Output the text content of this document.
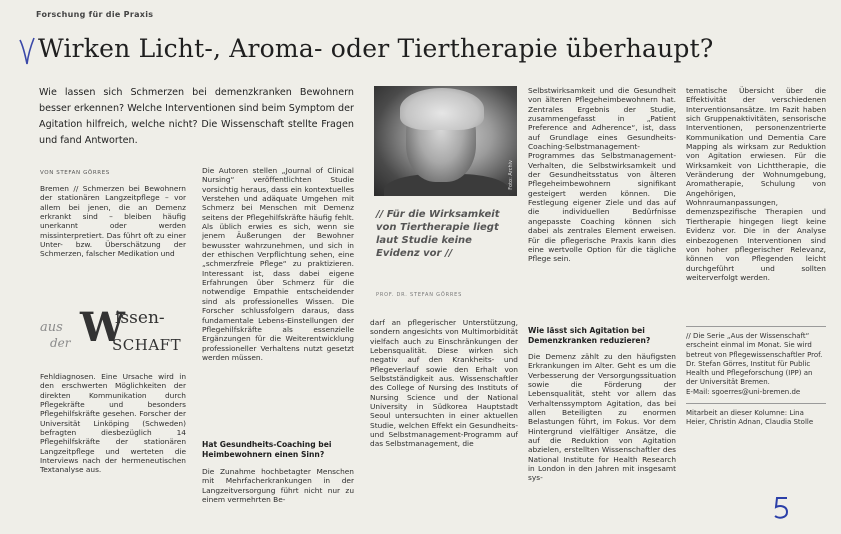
Forschung für die Praxis
Wirken Licht-, Aroma- oder Tiertherapie überhaupt?
Wie lassen sich Schmerzen bei demenzkranken Bewohnern besser erkennen? Welche Interventionen sind beim Symptom der Agitation hilfreich, welche nicht? Die Wissenschaft stellte Fragen und fand Antworten.
VON STEFAN GÖRRES
Bremen // Schmerzen bei Bewohnern der stationären Langzeitpflege – vor allem bei jenen, die an Demenz erkrankt sind – bleiben häufig unerkannt oder werden missinterpretiert. Das führt oft zu einer Unter- bzw. Überschätzung der Schmerzen, falscher Medikation und
aus
der W
issen-
SCHAFT
Fehldiagnosen. Eine Ursache wird in den erschwerten Möglichkeiten der direkten Kommunikation durch Pflegekräfte und besonders Pflegehilfskräfte gesehen. Forscher der Universität Linköping (Schweden) befragten diesbezüglich 14 Pflegehilfskräfte der stationären Langzeitpflege und werteten die Interviews nach der hermeneutischen Textanalyse aus.
Die Autoren stellen „Journal of Clinical Nursing“ veröffentlichten Studie vorsichtig heraus, dass ein kontextuelles Verstehen und adäquate Umgehen mit Schmerz bei Menschen mit Demenz seitens der Pflegehilfskräfte häufig fehlt. Als üblich erwies es sich, wenn sie jenem Äußerungen der Bewohner bewusster wahrzunehmen, und sich in der ethischen Verpflichtung sehen, eine „schmerzfreie Pflege“ zu praktizieren. Interessant ist, dass dabei eigene Erfahrungen über Schmerz für die notwendige Empathie entscheidender sind als professionelles Wissen. Die Forscher schlussfolgern daraus, dass fundamentale Lebens-Einstellungen der Pflegehilfskräfte als essenzielle Ergänzungen für die Weiterentwicklung professioneller Verhaltens nutzt gesetzt werden müssen.
Hat Gesundheits-Coaching bei Heimbewohnern einen Sinn?
Die Zunahme hochbetagter Menschen mit Mehrfacherkrankungen in der Langzeitversorgung führt nicht nur zu einem vermehrten Be-
Foto: Archiv
// Für die Wirksamkeit von Tiertherapie liegt laut Studie keine Evidenz vor //
PROF. DR. STEFAN GÖRRES
darf an pflegerischer Unterstützung, sondern angesichts von Multimorbidität vielfach auch zu Einschränkungen der Lebensqualität. Diese wirken sich negativ auf den Krankheits- und Pflegeverlauf sowie den Erhalt von Selbstständigkeit aus. Wissenschaftler des College of Nursing des Instituts of Nursing Science und der National University in Südkorea Hauptstadt Seoul untersuchten in einer aktuellen Studie, welchen Effekt ein Gesundheits- und Selbstmanagement-Programm auf das Selbstmanagement, die
Selbstwirksamkeit und die Gesundheit von älteren Pflegeheimbewohnern hat. Zentrales Ergebnis der Studie, zusammengefasst in „Patient Preference and Adherence“, ist, dass auf Grundlage eines Gesundheits-Coaching-Selbstmanagement-Programmes das Selbstmanagement-Verhalten, die Selbstwirksamkeit und der Gesundheitsstatus von älteren Pflegeheimbewohnern signifikant gesteigert werden können. Die Festlegung eigener Ziele und das auf die individuellen Bedürfnisse angepasste Coaching können sich dabei als zentrales Element erweisen. Für die pflegerische Praxis kann dies eine wertvolle Option für die tägliche Pflege sein.
Wie lässt sich Agitation bei Demenzkranken reduzieren?
Die Demenz zählt zu den häufigsten Erkrankungen im Alter. Geht es um die Verbesserung der Versorgungssituation sowie die Förderung der Lebensqualität, steht vor allem das Verhaltenssymptom Agitation, das bei allen Beteiligten zu enormen Belastungen führt, im Fokus. Vor dem Hintergrund vielfältiger Ansätze, die auf die Reduktion von Agitation abzielen, erstellten Wissenschaftler des National Institute for Health Research in London in den Jahren mit insgesamt sys-
tematische Übersicht über die Effektivität der verschiedenen Interventionsansätze. Im Fazit haben sich Gruppenaktivitäten, sensorische Interventionen, personenzentrierte Kommunikation und Dementia Care Mapping als wirksam zur Reduktion von Agitation erwiesen. Für die Wirksamkeit von Lichttherapie, die Veränderung der Wohnumgebung, Aromatherapie, Schulung von Angehörigen, Wohnraumanpassungen, demenzspezifische Therapien und Tiertherapie hingegen liegt keine Evidenz vor. Die in der Analyse einbezogenen Interventionen sind von hoher pflegerischer Relevanz, können von Pflegenden leicht durchgeführt und sollten weiterverfolgt werden.
// Die Serie „Aus der Wissenschaft“ erscheint einmal im Monat. Sie wird betreut von Pflegewissenschaftler Prof. Dr. Stefan Görres, Institut für Public Health und Pflegeforschung (IPP) an der Universität Bremen.
E-Mail: sgoerres@uni-bremen.de
Mitarbeit an dieser Kolumne: Lina Heier, Christin Adnan, Claudia Stolle
